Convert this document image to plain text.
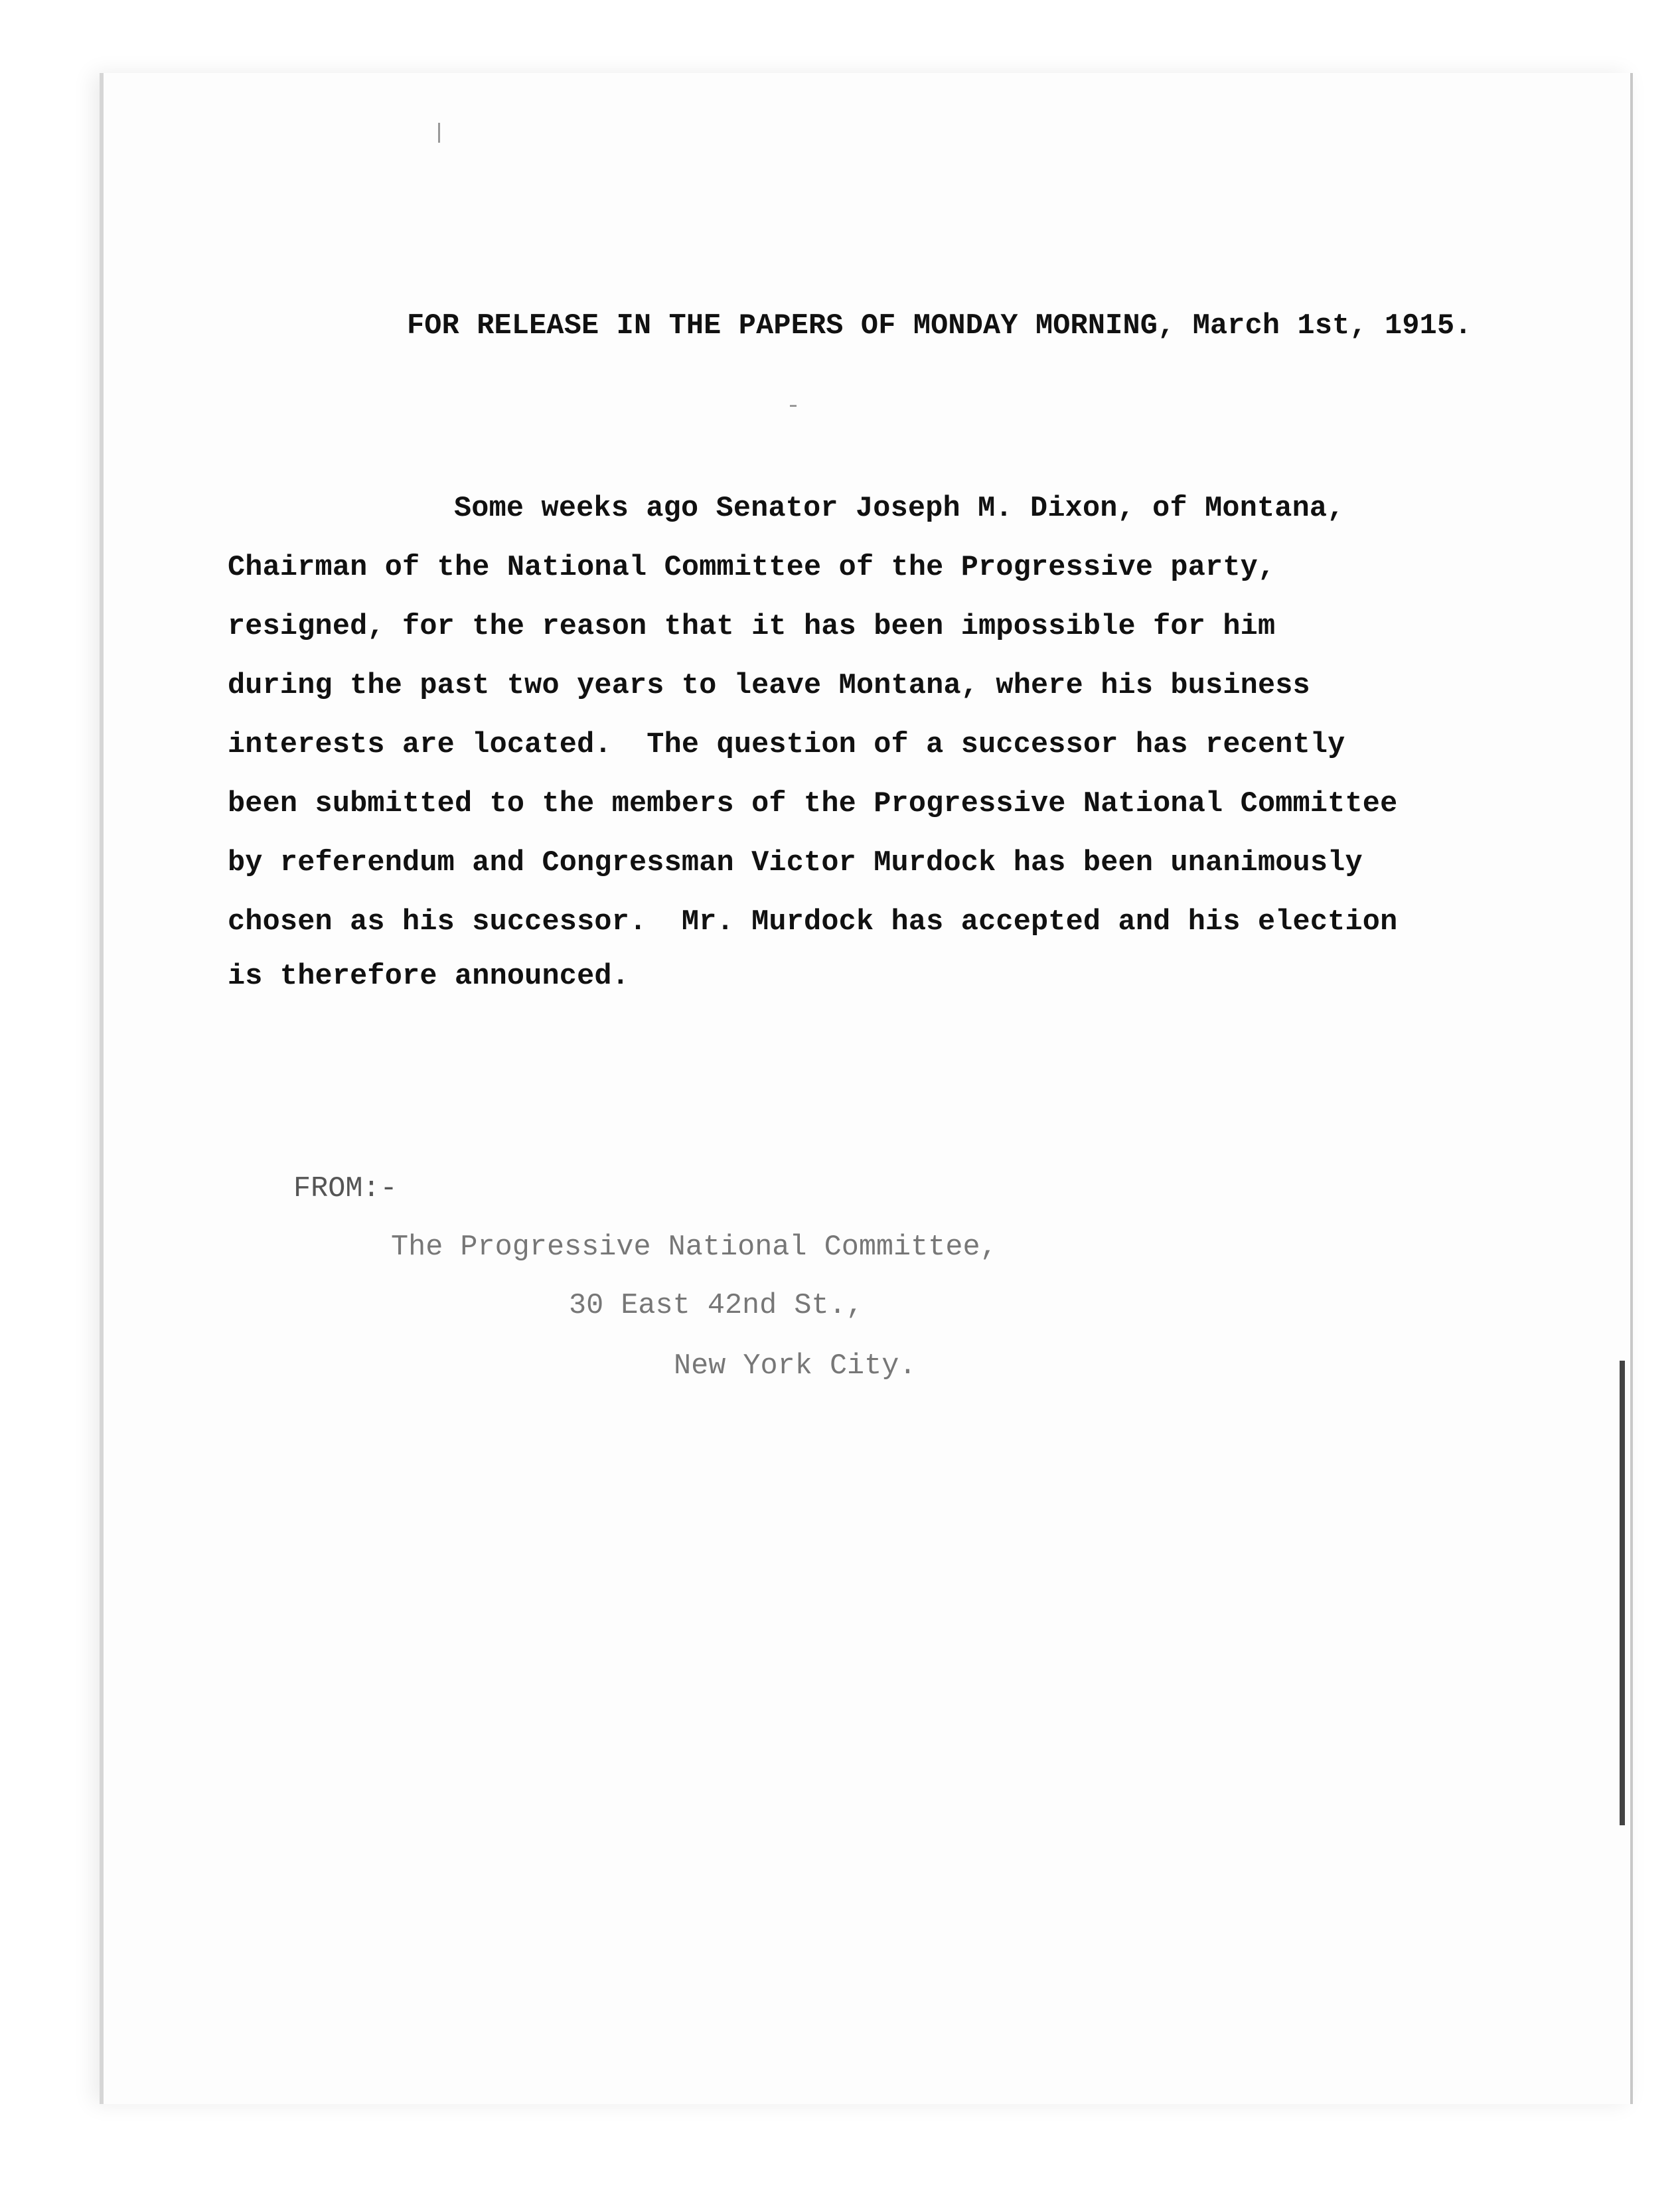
FOR RELEASE IN THE PAPERS OF MONDAY MORNING, March 1st, 1915.
Some weeks ago Senator Joseph M. Dixon, of Montana,
Chairman of the National Committee of the Progressive party,
resigned, for the reason that it has been impossible for him
during the past two years to leave Montana, where his business
interests are located.  The question of a successor has recently
been submitted to the members of the Progressive National Committee
by referendum and Congressman Victor Murdock has been unanimously
chosen as his successor.  Mr. Murdock has accepted and his election
is therefore announced.
FROM:-
The Progressive National Committee,
30 East 42nd St.,
New York City.
